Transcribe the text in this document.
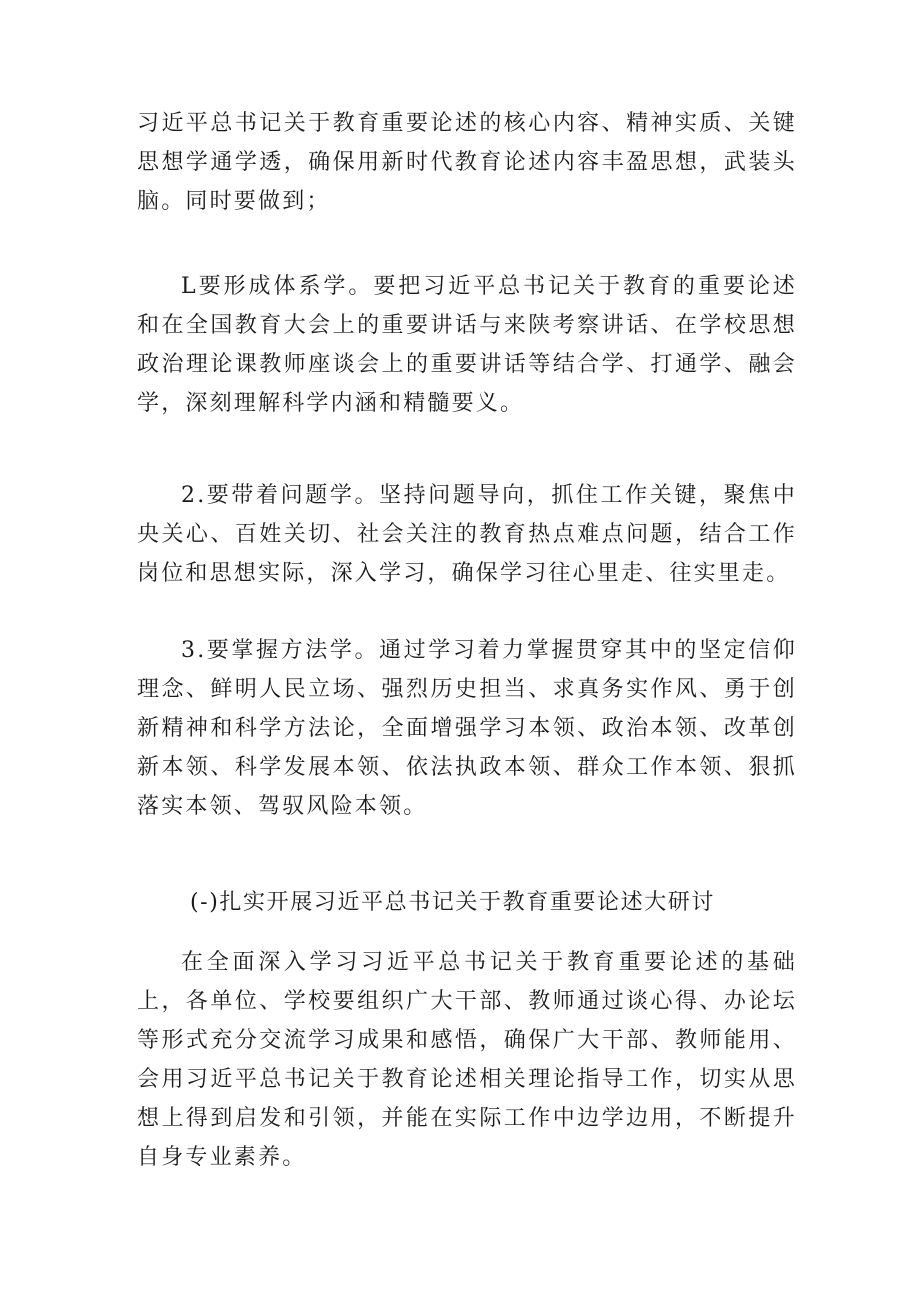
习近平总书记关于教育重要论述的核心内容、精神实质、关键思想学通学透，确保用新时代教育论述内容丰盈思想，武装头脑。同时要做到；

L要形成体系学。要把习近平总书记关于教育的重要论述和在全国教育大会上的重要讲话与来陕考察讲话、在学校思想政治理论课教师座谈会上的重要讲话等结合学、打通学、融会学，深刻理解科学内涵和精髓要义。

2.要带着问题学。坚持问题导向，抓住工作关键，聚焦中央关心、百姓关切、社会关注的教育热点难点问题，结合工作岗位和思想实际，深入学习，确保学习往心里走、往实里走。

3.要掌握方法学。通过学习着力掌握贯穿其中的坚定信仰理念、鲜明人民立场、强烈历史担当、求真务实作风、勇于创新精神和科学方法论，全面增强学习本领、政治本领、改革创新本领、科学发展本领、依法执政本领、群众工作本领、狠抓落实本领、驾驭风险本领。

(-)扎实开展习近平总书记关于教育重要论述大研讨

在全面深入学习习近平总书记关于教育重要论述的基础上，各单位、学校要组织广大干部、教师通过谈心得、办论坛等形式充分交流学习成果和感悟，确保广大干部、教师能用、会用习近平总书记关于教育论述相关理论指导工作，切实从思想上得到启发和引领，并能在实际工作中边学边用，不断提升自身专业素养。
